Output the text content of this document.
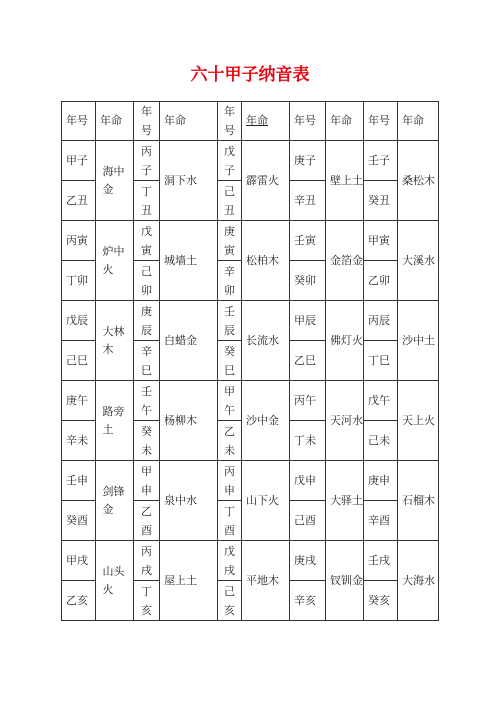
六十甲子纳音表
年号	年命	年号	年命	年号	年命	年号	年命	年号	年命
甲子	海中金	丙子	洞下水	戊子	霹雷火	庚子	壁上土	壬子	桑松木
乙丑		丁丑		己丑		辛丑		癸丑	
丙寅	炉中火	戊寅	城墙土	庚寅	松柏木	壬寅	金箔金	甲寅	大溪水
丁卯		己卯		辛卯		癸卯		乙卯	
戊辰	大林木	庚辰	白蜡金	壬辰	长流水	甲辰	佛灯火	丙辰	沙中土
己巳		辛巳		癸巳		乙巳		丁巳	
庚午	路旁土	壬午	杨柳木	甲午	沙中金	丙午	天河水	戊午	天上火
辛未		癸未		乙未		丁未		己未	
壬申	剑锋金	甲申	泉中水	丙申	山下火	戊申	大驿土	庚申	石榴木
癸酉		乙酉		丁酉		己酉		辛酉	
甲戌	山头火	丙戌	屋上土	戊戌	平地木	庚戌	钗钏金	壬戌	大海水
乙亥		丁亥		己亥		辛亥		癸亥	
